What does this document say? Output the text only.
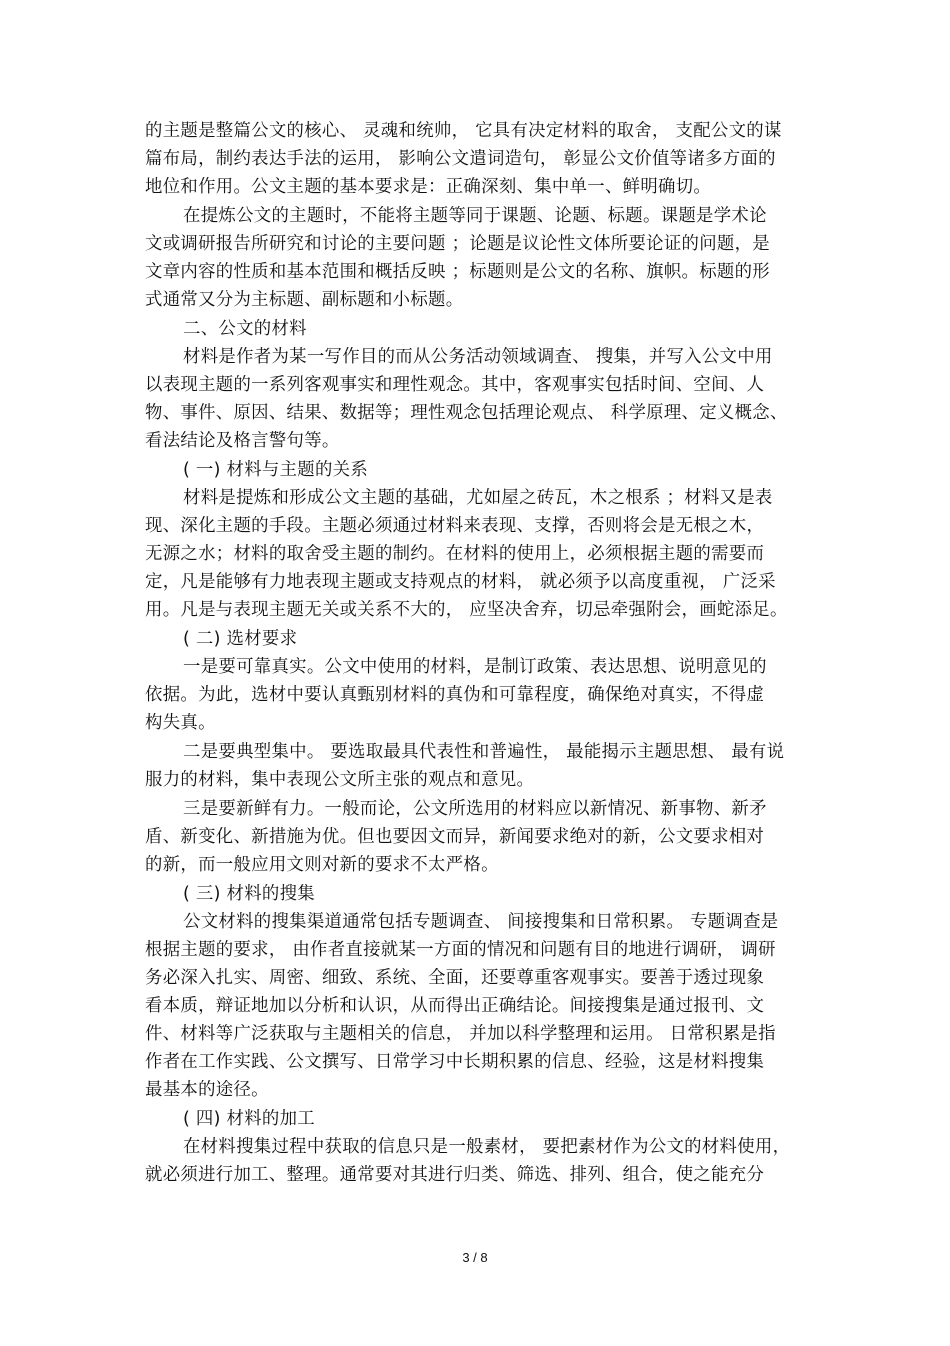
的主题是整篇公文的核心、 灵魂和统帅， 它具有决定材料的取舍， 支配公文的谋
篇布局，制约表达手法的运用， 影响公文遣词造句， 彰显公文价值等诸多方面的
地位和作用。公文主题的基本要求是：正确深刻、集中单一、鲜明确切。
在提炼公文的主题时，不能将主题等同于课题、论题、标题。课题是学术论
文或调研报告所研究和讨论的主要问题 ；论题是议论性文体所要论证的问题，是
文章内容的性质和基本范围和概括反映 ；标题则是公文的名称、旗帜。标题的形
式通常又分为主标题、副标题和小标题。
二、公文的材料
材料是作者为某一写作目的而从公务活动领域调查、 搜集，并写入公文中用
以表现主题的一系列客观事实和理性观念。其中，客观事实包括时间、空间、人
物、事件、原因、结果、数据等；理性观念包括理论观点、 科学原理、定义概念、
看法结论及格言警句等。
( 一) 材料与主题的关系
材料是提炼和形成公文主题的基础，尤如屋之砖瓦，木之根系 ；材料又是表
现、深化主题的手段。主题必须通过材料来表现、支撑，否则将会是无根之木，
无源之水；材料的取舍受主题的制约。在材料的使用上，必须根据主题的需要而
定，凡是能够有力地表现主题或支持观点的材料， 就必须予以高度重视， 广泛采
用。凡是与表现主题无关或关系不大的， 应坚决舍弃，切忌牵强附会，画蛇添足。
( 二) 选材要求
一是要可靠真实。公文中使用的材料，是制订政策、表达思想、说明意见的
依据。为此，选材中要认真甄别材料的真伪和可靠程度，确保绝对真实，不得虚
构失真。
二是要典型集中。 要选取最具代表性和普遍性， 最能揭示主题思想、 最有说
服力的材料，集中表现公文所主张的观点和意见。
三是要新鲜有力。一般而论，公文所选用的材料应以新情况、新事物、新矛
盾、新变化、新措施为优。但也要因文而异，新闻要求绝对的新，公文要求相对
的新，而一般应用文则对新的要求不太严格。
( 三) 材料的搜集
公文材料的搜集渠道通常包括专题调查、 间接搜集和日常积累。 专题调查是
根据主题的要求， 由作者直接就某一方面的情况和问题有目的地进行调研， 调研
务必深入扎实、周密、细致、系统、全面，还要尊重客观事实。要善于透过现象
看本质，辩证地加以分析和认识，从而得出正确结论。间接搜集是通过报刊、文
件、材料等广泛获取与主题相关的信息， 并加以科学整理和运用。 日常积累是指
作者在工作实践、公文撰写、日常学习中长期积累的信息、经验，这是材料搜集
最基本的途径。
( 四) 材料的加工
在材料搜集过程中获取的信息只是一般素材， 要把素材作为公文的材料使用，
就必须进行加工、整理。通常要对其进行归类、筛选、排列、组合，使之能充分
3 / 8
